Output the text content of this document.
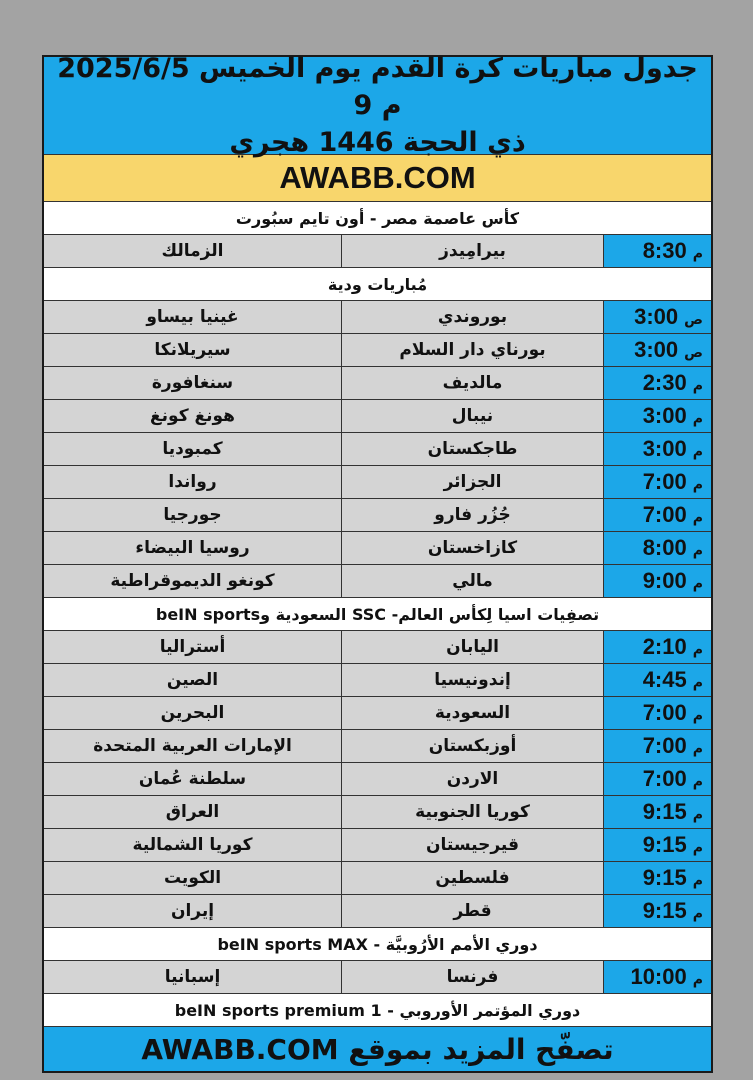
جدول مباريات كرة القدم يوم الخميس 2025/6/5 م 9
ذي الحجة 1446 هجري
AWABB.COM
كأس عاصمة مصر - أون تايم سبُورت
م
8:30
بيرامِيدز
الزمالك
مُباريات ودية
ص
3:00
بوروندي
غينيا بيساو
ص
3:00
بورناي دار السلام
سيريلانكا
م
2:30
مالديف
سنغافورة
م
3:00
نيبال
هونغ كونغ
م
3:00
طاجكستان
كمبوديا
م
7:00
الجزائر
رواندا
م
7:00
جُزُر فارو
جورجيا
م
8:00
كازاخستان
روسيا البيضاء
م
9:00
مالي
كونغو الديموقراطية
تصفِيات اسيا لِكأس العالم- SSC السعودية وbeIN sports
م
2:10
اليابان
أستراليا
م
4:45
إندونيسيا
الصين
م
7:00
السعودية
البحرين
م
7:00
أوزبكستان
الإمارات العربية المتحدة
م
7:00
الاردن
سلطنة عُمان
م
9:15
كوريا الجنوبية
العراق
م
9:15
قيرجيستان
كوريا الشمالية
م
9:15
فلسطين
الكويت
م
9:15
قطر
إيران
دوري الأمم الأرُوبيَّة - beIN sports MAX
م
10:00
فرنسا
إسبانيا
دوري المؤتمر الأوروبي - beIN sports premium 1
تصفّح المزيد بموقع AWABB.COM
